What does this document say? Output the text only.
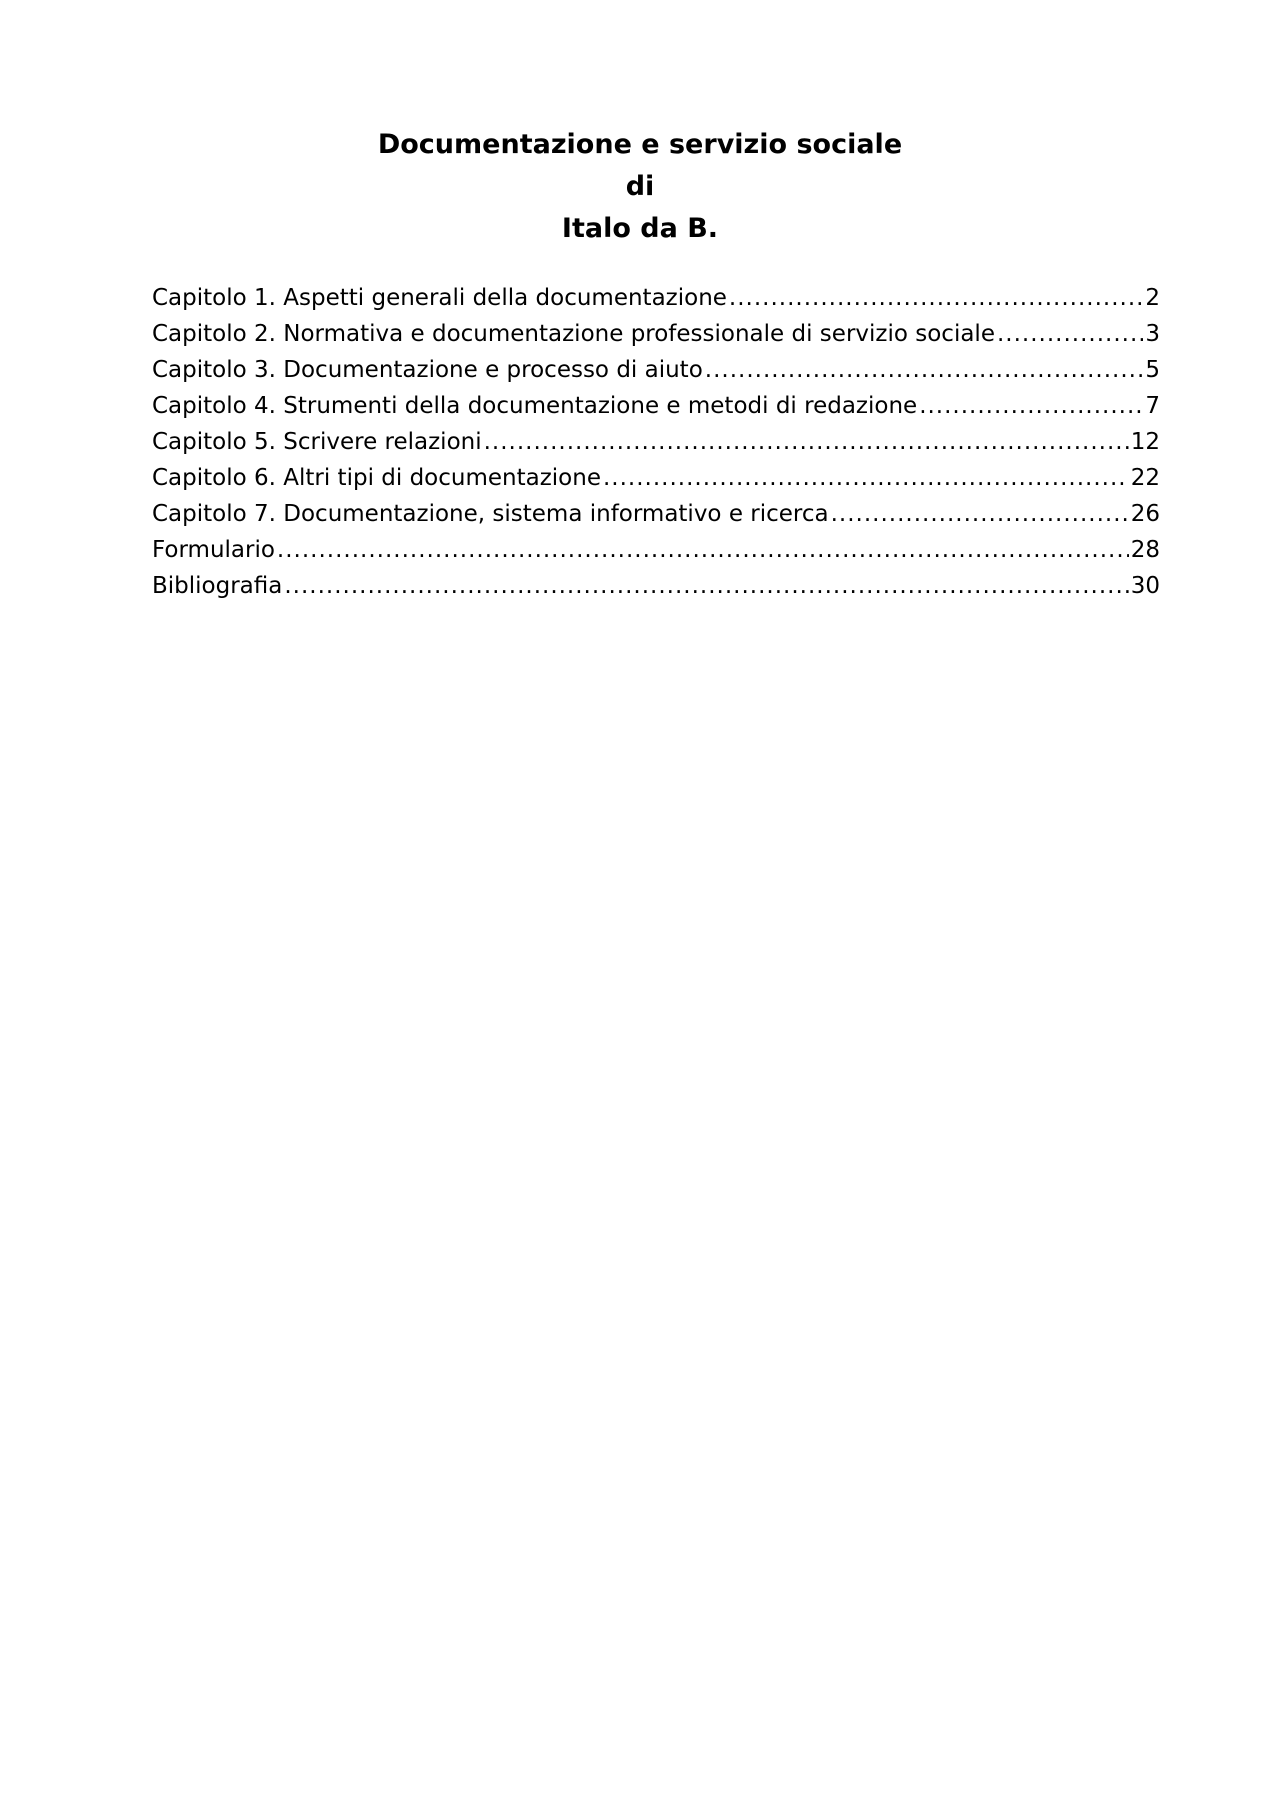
Documentazione e servizio sociale

di

Italo da B.

Capitolo 1. Aspetti generali della documentazione .....	2
Capitolo 2. Normativa e documentazione professionale di servizio sociale .....	3
Capitolo 3. Documentazione e processo di aiuto .....	5
Capitolo 4. Strumenti della documentazione e metodi di redazione .....	7
Capitolo 5. Scrivere relazioni .....	12
Capitolo 6. Altri tipi di documentazione .....	22
Capitolo 7. Documentazione, sistema informativo e ricerca .....	26
Formulario .....	28
Bibliografia .....	30
